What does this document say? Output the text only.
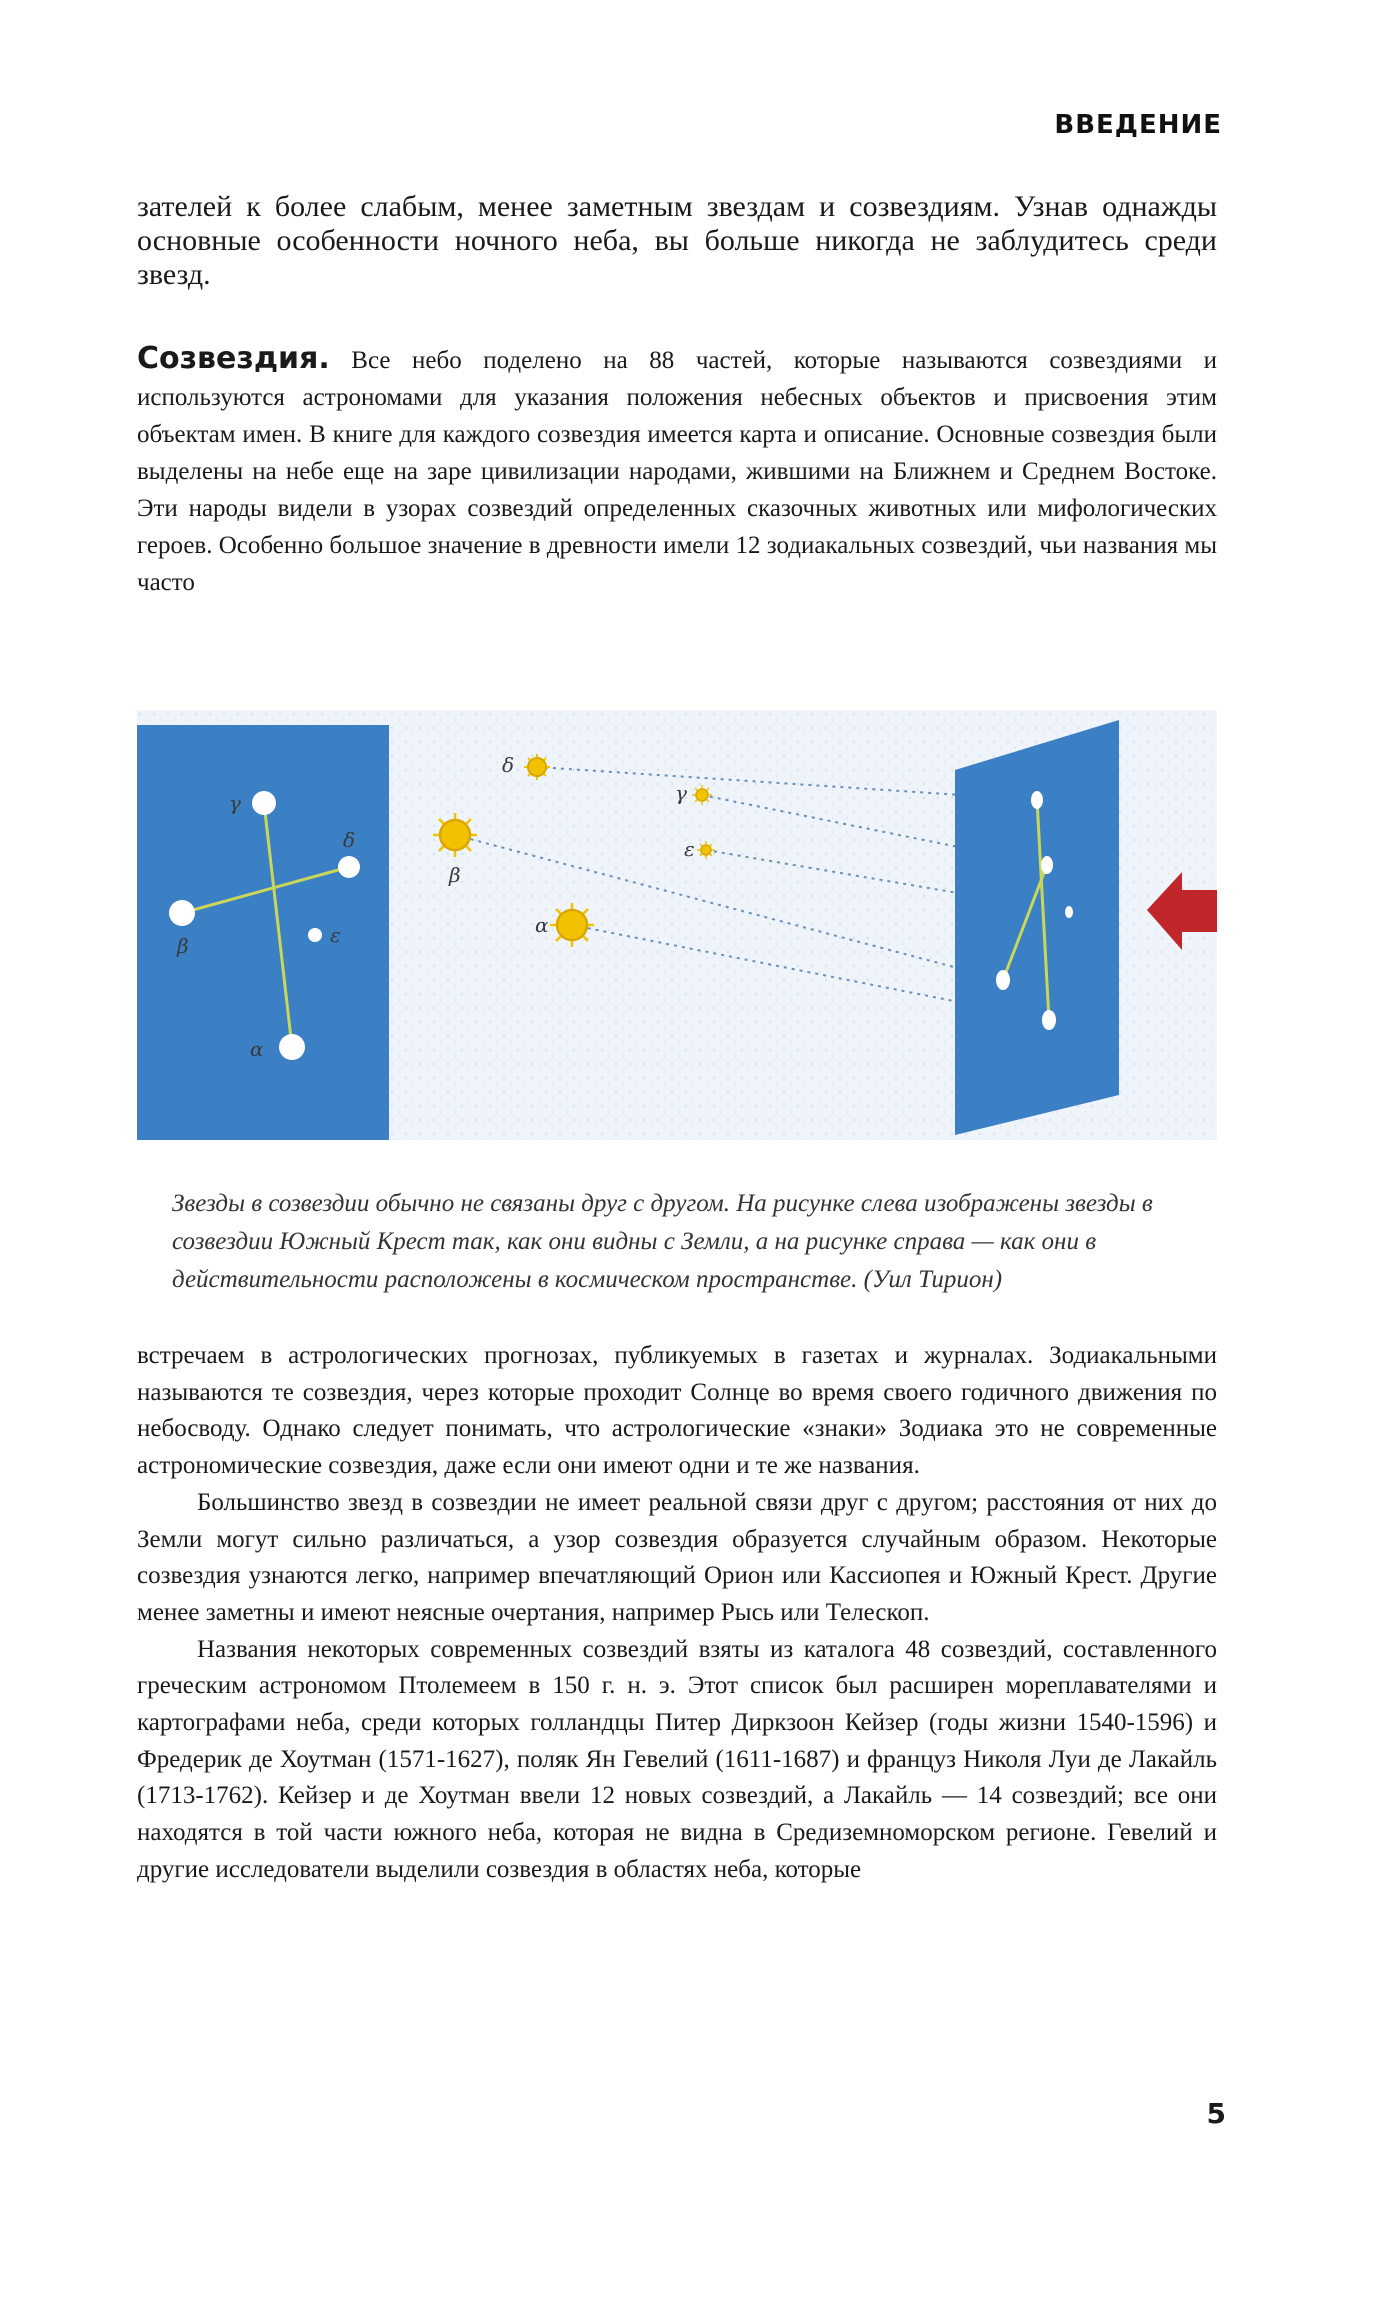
ВВЕДЕНИЕ
зателей к более слабым, менее заметным звездам и созвездиям. Узнав однажды основные особенности ночного неба, вы больше никогда не заблудитесь среди звезд.
Созвездия. Все небо поделено на 88 частей, которые называются созвездиями и используются астрономами для указания положения небесных объектов и присвоения этим объектам имен. В книге для каждого созвездия имеется карта и описание. Основные созвездия были выделены на небе еще на заре цивилизации народами, жившими на Ближнем и Среднем Востоке. Эти народы видели в узорах созвездий определенных сказочных животных или мифологических героев. Особенно большое значение в древности имели 12 зодиакальных созвездий, чьи названия мы часто
γ
δ
β	ε
α
δ
γ
β
ε
α
Звезды в созвездии обычно не связаны друг с другом. На рисунке слева изображены звезды в созвездии Южный Крест так, как они видны с Земли, а на рисунке справа — как они в действительности расположены в космическом пространстве. (Уил Тирион)

встречаем в астрологических прогнозах, публикуемых в газетах и журналах. Зодиакальными называются те созвездия, через которые проходит Солнце во время своего годичного движения по небосводу. Однако следует понимать, что астрологические «знаки» Зодиака это не современные астрономические созвездия, даже если они имеют одни и те же названия.

Большинство звезд в созвездии не имеет реальной связи друг с другом; расстояния от них до Земли могут сильно различаться, а узор созвездия образуется случайным образом. Некоторые созвездия узнаются легко, например впечатляющий Орион или Кассиопея и Южный Крест. Другие менее заметны и имеют неясные очертания, например Рысь или Телескоп.

Названия некоторых современных созвездий взяты из каталога 48 созвездий, составленного греческим астрономом Птолемеем в 150 г. н. э. Этот список был расширен мореплавателями и картографами неба, среди которых голландцы Питер Диркзоон Кейзер (годы жизни 1540-1596) и Фредерик де Хоутман (1571-1627), поляк Ян Гевелий (1611-1687) и француз Николя Луи де Лакайль (1713-1762). Кейзер и де Хоутман ввели 12 новых созвездий, а Лакайль — 14 созвездий; все они находятся в той части южного неба, которая не видна в Средиземноморском регионе. Гевелий и другие исследователи выделили созвездия в областях неба, которые

5
